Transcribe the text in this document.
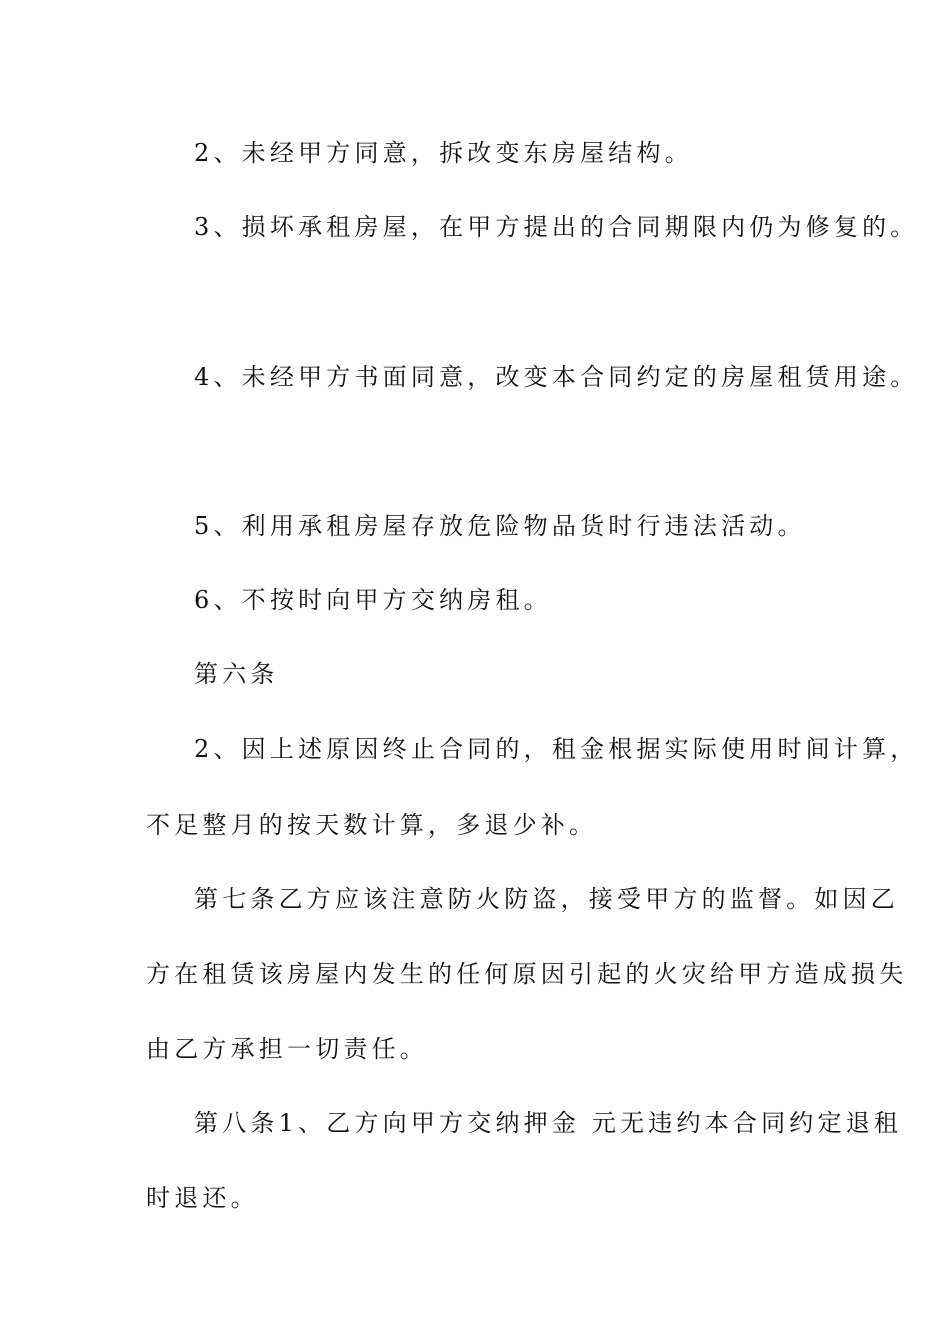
2、未经甲方同意，拆改变东房屋结构。
3、损坏承租房屋，在甲方提出的合同期限内仍为修复的。
4、未经甲方书面同意，改变本合同约定的房屋租赁用途。
5、利用承租房屋存放危险物品货时行违法活动。
6、不按时向甲方交纳房租。
第六条
2、因上述原因终止合同的，租金根据实际使用时间计算，
不足整月的按天数计算，多退少补。
第七条乙方应该注意防火防盗，接受甲方的监督。如因乙
方在租赁该房屋内发生的任何原因引起的火灾给甲方造成损失
由乙方承担一切责任。
第八条1、乙方向甲方交纳押金 元无违约本合同约定退租
时退还。
